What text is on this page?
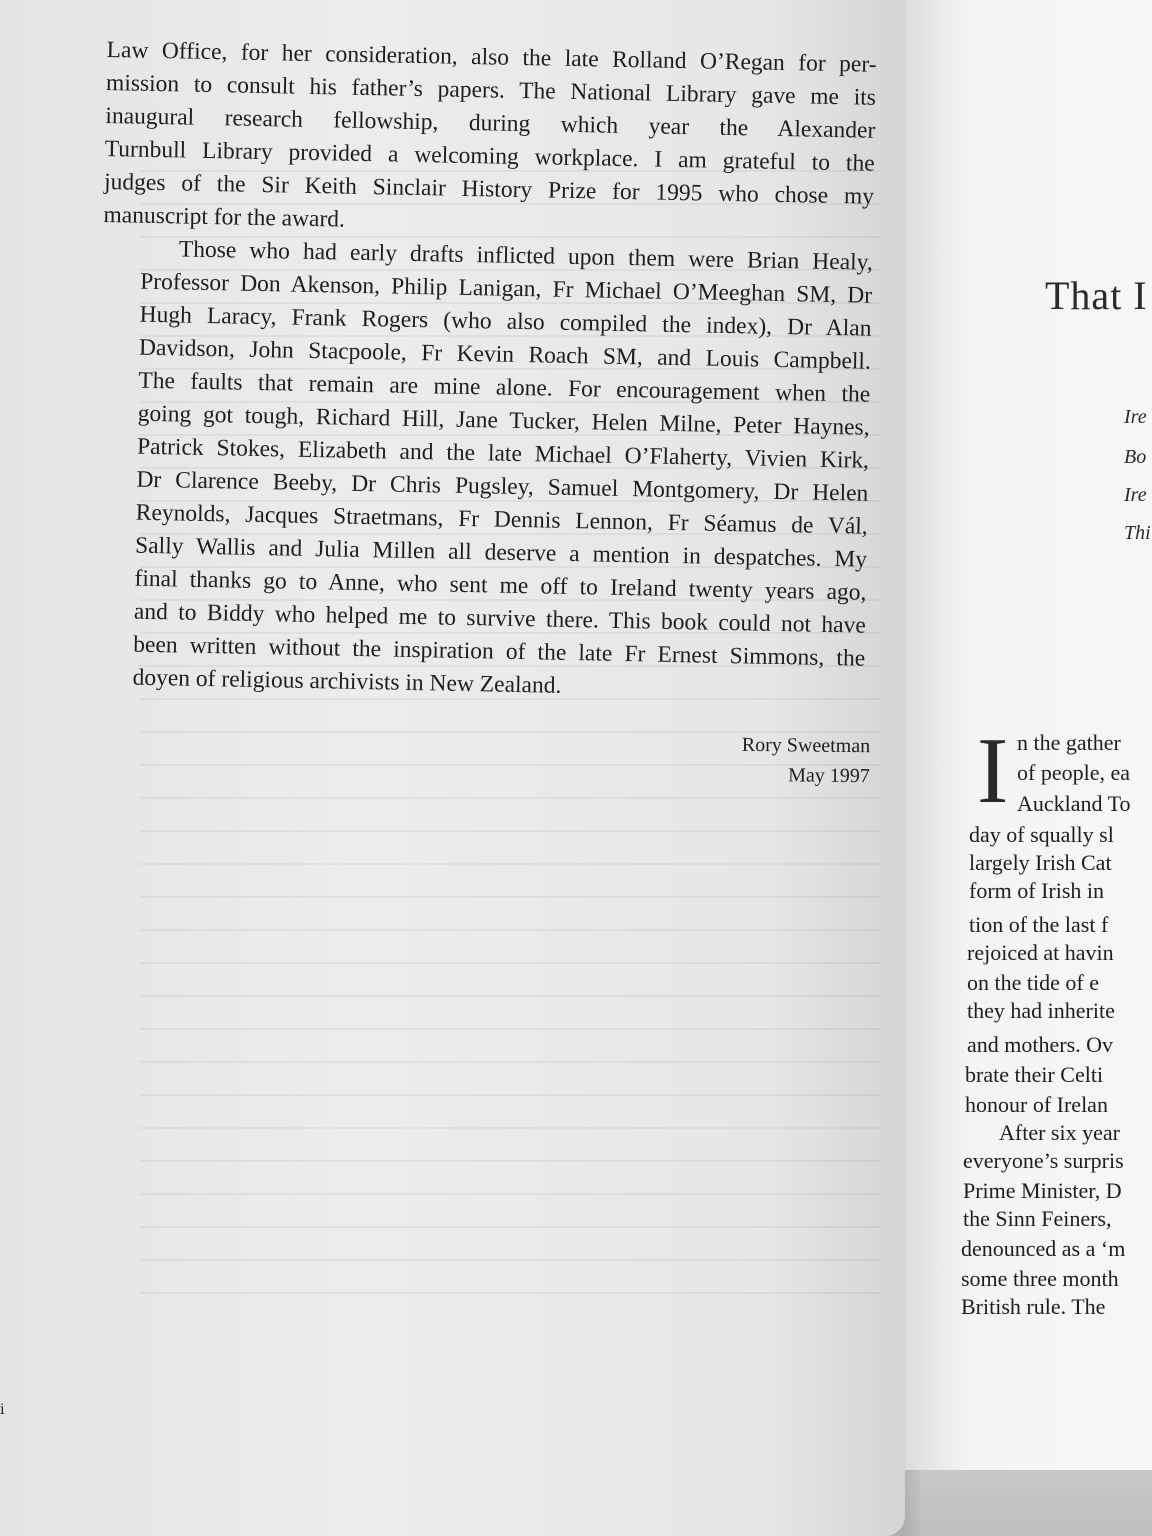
Law Office, for her consideration, also the late Rolland O’Regan for per-
mission to consult his father’s papers. The National Library gave me its
inaugural research fellowship, during which year the Alexander
Turnbull Library provided a welcoming workplace. I am grateful to the
judges of the Sir Keith Sinclair History Prize for 1995 who chose my
manuscript for the award.

Those who had early drafts inflicted upon them were Brian Healy,
Professor Don Akenson, Philip Lanigan, Fr Michael O’Meeghan SM, Dr
Hugh Laracy, Frank Rogers (who also compiled the index), Dr Alan
Davidson, John Stacpoole, Fr Kevin Roach SM, and Louis Campbell.
The faults that remain are mine alone. For encouragement when the
going got tough, Richard Hill, Jane Tucker, Helen Milne, Peter Haynes,
Patrick Stokes, Elizabeth and the late Michael O’Flaherty, Vivien Kirk,
Dr Clarence Beeby, Dr Chris Pugsley, Samuel Montgomery, Dr Helen
Reynolds, Jacques Straetmans, Fr Dennis Lennon, Fr Séamus de Vál,
Sally Wallis and Julia Millen all deserve a mention in despatches. My
final thanks go to Anne, who sent me off to Ireland twenty years ago,
and to Biddy who helped me to survive there. This book could not have
been written without the inspiration of the late Fr Ernest Simmons, the
doyen of religious archivists in New Zealand.

Rory Sweetman
May 1997
i
That I
Ire
Bo
Ire
Thi
I n the gather
of people, ea
Auckland To
day of squally sl
largely Irish Cat
form of Irish in
tion of the last f
rejoiced at havin
on the tide of e
they had inherite
and mothers. Ov
brate their Celti
honour of Irelan
After six year
everyone’s surpris
Prime Minister, D
the Sinn Feiners,
denounced as a ‘m
some three month
British rule. The
